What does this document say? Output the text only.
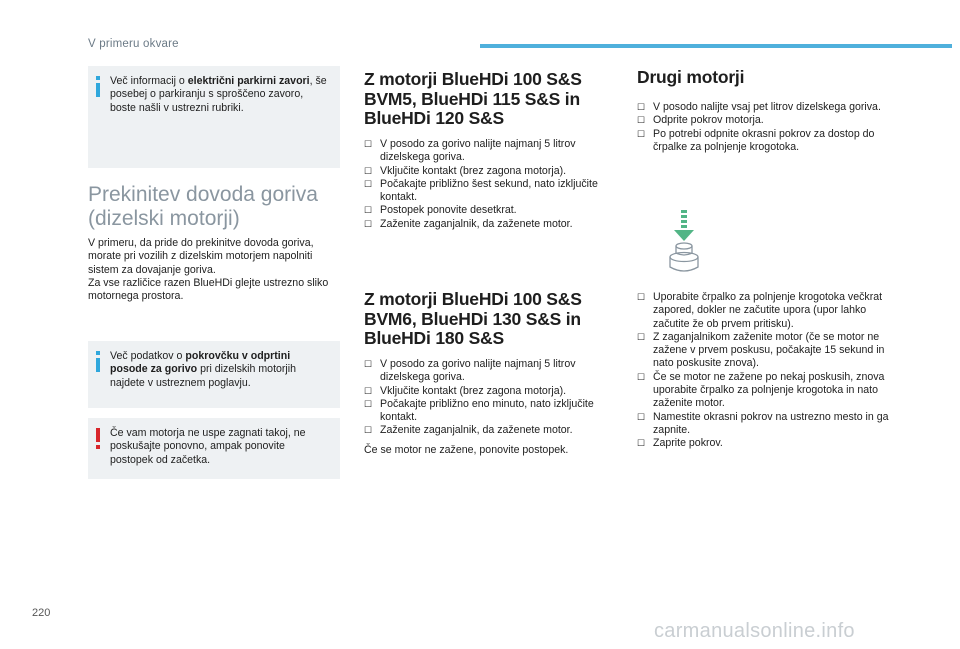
V primeru okvare
Več informacij o električni parkirni zavori, še posebej o parkiranju s sproščeno zavoro, boste našli v ustrezni rubriki.
Prekinitev dovoda goriva
(dizelski motorji)
V primeru, da pride do prekinitve dovoda goriva, morate pri vozilih z dizelskim motorjem napolniti sistem za dovajanje goriva.
Za vse različice razen BlueHDi glejte ustrezno sliko motornega prostora.
Več podatkov o pokrovčku v odprtini posode za gorivo pri dizelskih motorjih najdete v ustreznem poglavju.
Če vam motorja ne uspe zagnati takoj, ne poskušajte ponovno, ampak ponovite postopek od začetka.
Z motorji BlueHDi 100 S&S BVM5, BlueHDi 115 S&S in BlueHDi 120 S&S
☐ V posodo za gorivo nalijte najmanj 5 litrov dizelskega goriva.
☐ Vključite kontakt (brez zagona motorja).
☐ Počakajte približno šest sekund, nato izključite kontakt.
☐ Postopek ponovite desetkrat.
☐ Zaženite zaganjalnik, da zaženete motor.
Z motorji BlueHDi 100 S&S BVM6, BlueHDi 130 S&S in BlueHDi 180 S&S
☐ V posodo za gorivo nalijte najmanj 5 litrov dizelskega goriva.
☐ Vključite kontakt (brez zagona motorja).
☐ Počakajte približno eno minuto, nato izključite kontakt.
☐ Zaženite zaganjalnik, da zaženete motor.
Če se motor ne zažene, ponovite postopek.
Drugi motorji
☐ V posodo nalijte vsaj pet litrov dizelskega goriva.
☐ Odprite pokrov motorja.
☐ Po potrebi odpnite okrasni pokrov za dostop do črpalke za polnjenje krogotoka.
☐ Uporabite črpalko za polnjenje krogotoka večkrat zapored, dokler ne začutite upora (upor lahko začutite že ob prvem pritisku).
☐ Z zaganjalnikom zaženite motor (če se motor ne zažene v prvem poskusu, počakajte 15 sekund in nato poskusite znova).
☐ Če se motor ne zažene po nekaj poskusih, znova uporabite črpalko za polnjenje krogotoka in nato zaženite motor.
☐ Namestite okrasni pokrov na ustrezno mesto in ga zapnite.
☐ Zaprite pokrov.
220
carmanualsonline.info
